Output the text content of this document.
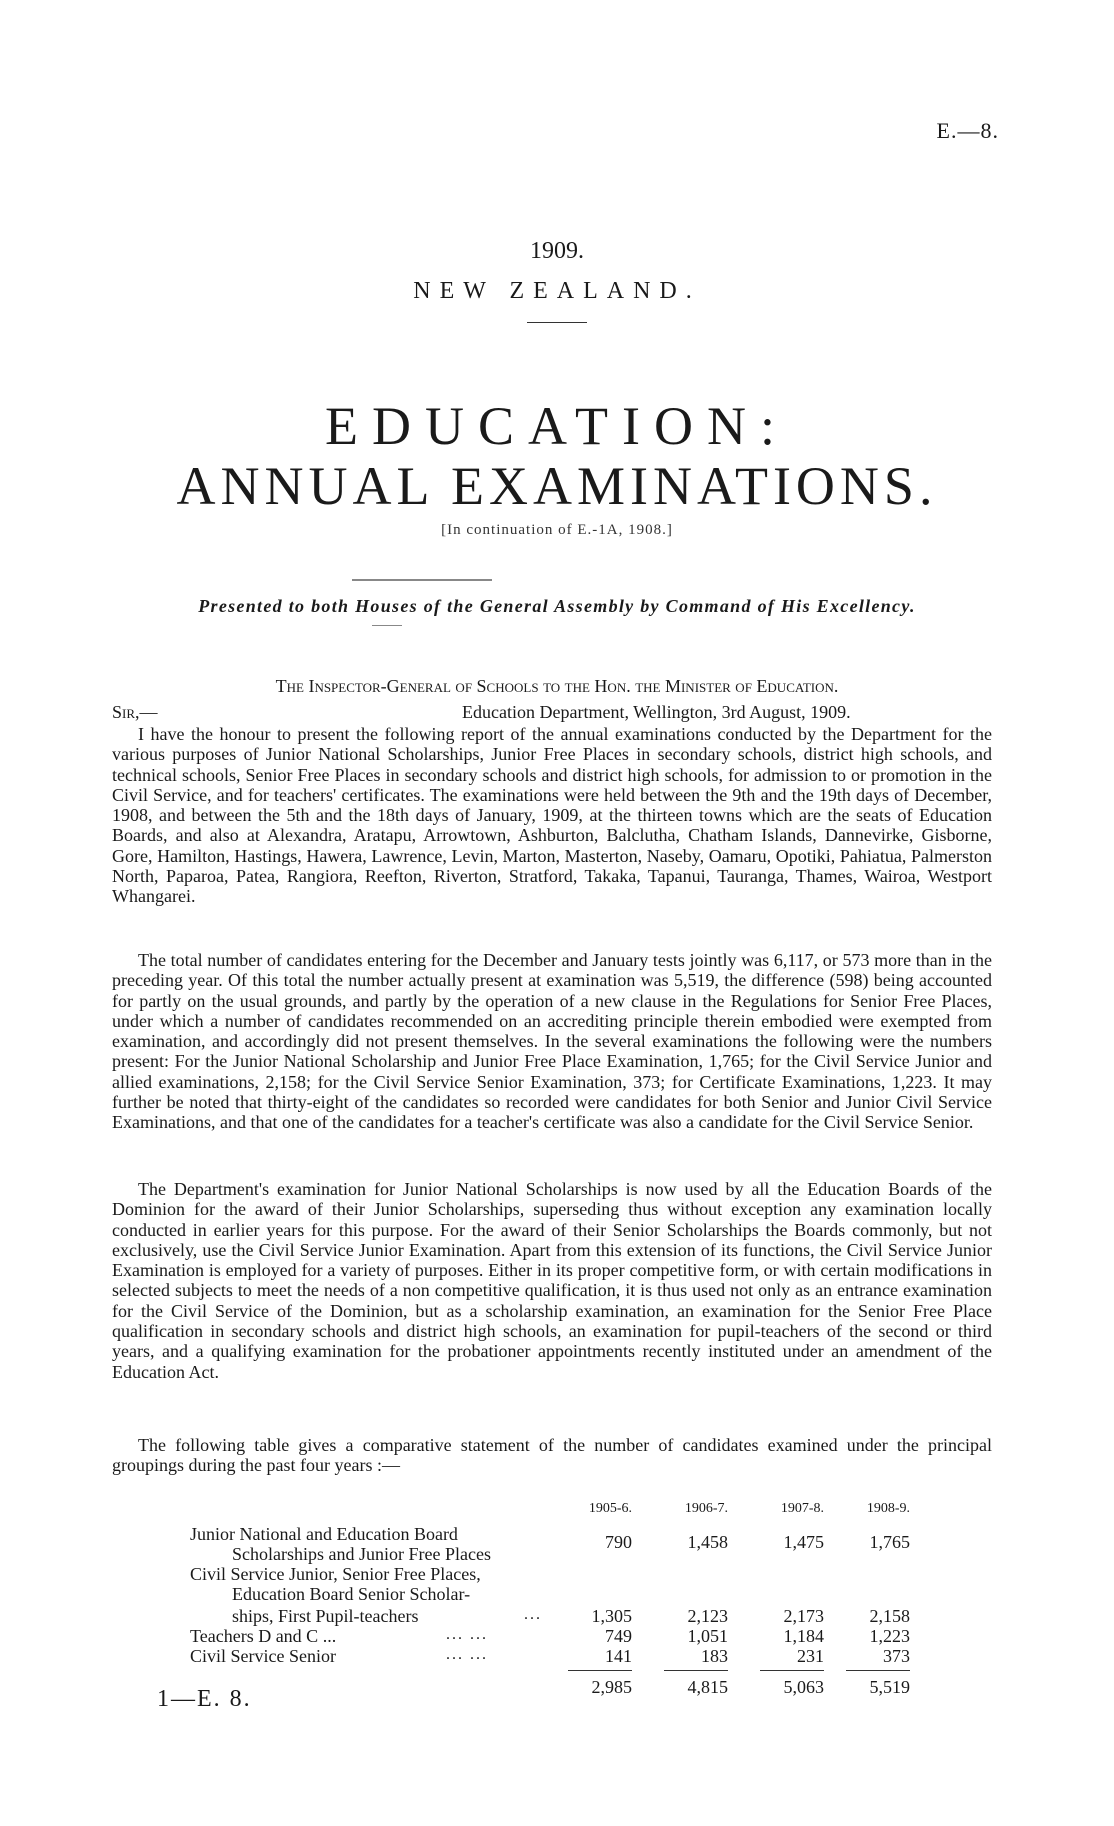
E.—8.
1909.
NEW ZEALAND.
EDUCATION:
ANNUAL EXAMINATIONS.
[In continuation of E.-1A, 1908.]
Presented to both Houses of the General Assembly by Command of His Excellency.
The Inspector-General of Schools to the Hon. the Minister of Education.
Sir,—	Education Department, Wellington, 3rd August, 1909.

I have the honour to present the following report of the annual examinations conducted by the Department for the various purposes of Junior National Scholarships, Junior Free Places in secondary schools, district high schools, and technical schools, Senior Free Places in secondary schools and district high schools, for admission to or promotion in the Civil Service, and for teachers' certificates. The examinations were held between the 9th and the 19th days of December, 1908, and between the 5th and the 18th days of January, 1909, at the thirteen towns which are the seats of Education Boards, and also at Alexandra, Aratapu, Arrowtown, Ashburton, Balclutha, Chatham Islands, Dannevirke, Gisborne, Gore, Hamilton, Hastings, Hawera, Lawrence, Levin, Marton, Masterton, Naseby, Oamaru, Opotiki, Pahiatua, Palmerston North, Paparoa, Patea, Rangiora, Reefton, Riverton, Stratford, Takaka, Tapanui, Tauranga, Thames, Wairoa, Westport Whangarei.

The total number of candidates entering for the December and January tests jointly was 6,117, or 573 more than in the preceding year. Of this total the number actually present at examination was 5,519, the difference (598) being accounted for partly on the usual grounds, and partly by the operation of a new clause in the Regulations for Senior Free Places, under which a number of candidates recommended on an accrediting principle therein embodied were exempted from examination, and accordingly did not present themselves. In the several examinations the following were the numbers present: For the Junior National Scholarship and Junior Free Place Examination, 1,765; for the Civil Service Junior and allied examinations, 2,158; for the Civil Service Senior Examination, 373; for Certificate Examinations, 1,223. It may further be noted that thirty-eight of the candidates so recorded were candidates for both Senior and Junior Civil Service Examinations, and that one of the candidates for a teacher's certificate was also a candidate for the Civil Service Senior.

The Department's examination for Junior National Scholarships is now used by all the Education Boards of the Dominion for the award of their Junior Scholarships, superseding thus without exception any examination locally conducted in earlier years for this purpose. For the award of their Senior Scholarships the Boards commonly, but not exclusively, use the Civil Service Junior Examination. Apart from this extension of its functions, the Civil Service Junior Examination is employed for a variety of purposes. Either in its proper competitive form, or with certain modifications in selected subjects to meet the needs of a non competitive qualification, it is thus used not only as an entrance examination for the Civil Service of the Dominion, but as a scholarship examination, an examination for the Senior Free Place qualification in secondary schools and district high schools, an examination for pupil-teachers of the second or third years, and a qualifying examination for the probationer appointments recently instituted under an amendment of the Education Act.

The following table gives a comparative statement of the number of candidates examined under the principal groupings during the past four years :—

1905-6.	1906-7.	1907-8.	1908-9.
Junior National and Education Board
Scholarships and Junior Free Places
790	1,458	1,475	1,765
Civil Service Junior, Senior Free Places,
Education Board Senior Scholar-
ships, First Pupil-teachers	...	1,305	2,123	2,173	2,158
Teachers D and C ...	... ...	749	1,051	1,184	1,223
Civil Service Senior	... ...	141	183	231	373
2,985	4,815	5,063	5,519
1—E. 8.
